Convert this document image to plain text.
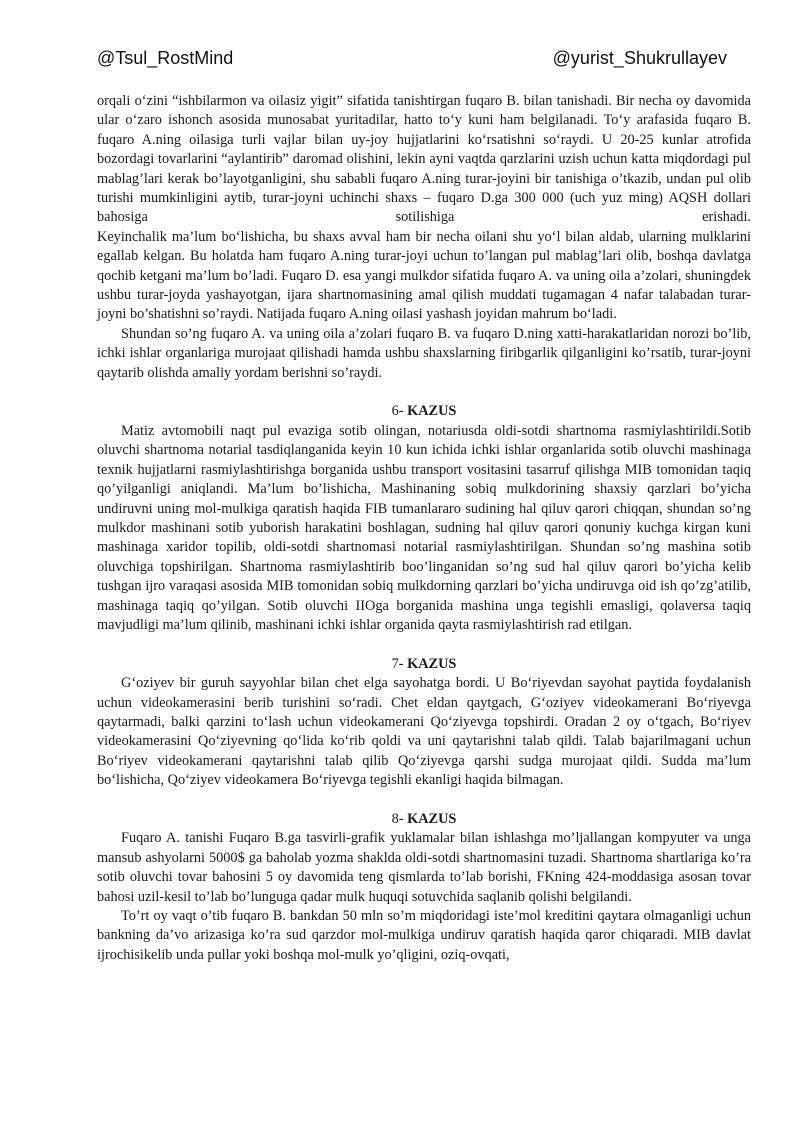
@Tsul_RostMind	@yurist_Shukrullayev

orqali o‘zini “ishbilarmon va oilasiz yigit” sifatida tanishtirgan fuqaro B. bilan tanishadi. Bir necha oy davomida ular o‘zaro ishonch asosida munosabat yuritadilar, hatto to‘y kuni ham belgilanadi. To‘y arafasida fuqaro B. fuqaro A.ning oilasiga turli vajlar bilan uy-joy hujjatlarini ko‘rsatishni so‘raydi. U 20-25 kunlar atrofida bozordagi tovarlarini “aylantirib” daromad olishini, lekin ayni vaqtda qarzlarini uzish uchun katta miqdordagi pul mablag’lari kerak bo’layotganligini, shu sababli fuqaro A.ning turar-joyini bir tanishiga o’tkazib, undan pul olib turishi mumkinligini aytib, turar-joyni uchinchi shaxs – fuqaro D.ga 300 000 (uch yuz ming) AQSH dollari bahosiga sotilishiga erishadi.

Keyinchalik ma’lum bo‘lishicha, bu shaxs avval ham bir necha oilani shu yo‘l bilan aldab, ularning mulklarini egallab kelgan. Bu holatda ham fuqaro A.ning turar-joyi uchun to’langan pul mablag’lari olib, boshqa davlatga qochib ketgani ma’lum bo’ladi. Fuqaro D. esa yangi mulkdor sifatida fuqaro A. va uning oila a’zolari, shuningdek ushbu turar-joyda yashayotgan, ijara shartnomasining amal qilish muddati tugamagan 4 nafar talabadan turar-joyni bo’shatishni so’raydi. Natijada fuqaro A.ning oilasi yashash joyidan mahrum bo‘ladi.

Shundan so’ng fuqaro A. va uning oila a’zolari fuqaro B. va fuqaro D.ning xatti-harakatlaridan norozi bo’lib, ichki ishlar organlariga murojaat qilishadi hamda ushbu shaxslarning firibgarlik qilganligini ko’rsatib, turar-joyni qaytarib olishda amaliy yordam berishni so’raydi.

6- KAZUS

Matiz avtomobili naqt pul evaziga sotib olingan, notariusda oldi-sotdi shartnoma rasmiylashtirildi.Sotib oluvchi shartnoma notarial tasdiqlanganida keyin 10 kun ichida ichki ishlar organlarida sotib oluvchi mashinaga texnik hujjatlarni rasmiylashtirishga borganida ushbu transport vositasini tasarruf qilishga MIB tomonidan taqiq qo’yilganligi aniqlandi. Ma’lum bo’lishicha, Mashinaning sobiq mulkdorining shaxsiy qarzlari bo’yicha undiruvni uning mol-mulkiga qaratish haqida FIB tumanlararo sudining hal qiluv qarori chiqqan, shundan so’ng mulkdor mashinani sotib yuborish harakatini boshlagan, sudning hal qiluv qarori qonuniy kuchga kirgan kuni mashinaga xaridor topilib, oldi-sotdi shartnomasi notarial rasmiylashtirilgan. Shundan so’ng mashina sotib oluvchiga topshirilgan. Shartnoma rasmiylashtirib boo’linganidan so’ng sud hal qiluv qarori bo’yicha kelib tushgan ijro varaqasi asosida MIB tomonidan sobiq mulkdorning qarzlari bo’yicha undiruvga oid ish qo’zg’atilib, mashinaga taqiq qo’yilgan. Sotib oluvchi IIOga borganida mashina unga tegishli emasligi, qolaversa taqiq mavjudligi ma’lum qilinib, mashinani ichki ishlar organida qayta rasmiylashtirish rad etilgan.

7- KAZUS

G‘oziyev bir guruh sayyohlar bilan chet elga sayohatga bordi. U Bo‘riyevdan sayohat paytida foydalanish uchun videokamerasini berib turishini so‘radi. Chet eldan qaytgach, G‘oziyev videokamerani Bo‘riyevga qaytarmadi, balki qarzini to‘lash uchun videokamerani Qo‘ziyevga topshirdi. Oradan 2 oy o‘tgach, Bo‘riyev videokamerasini Qo‘ziyevning qo‘lida ko‘rib qoldi va uni qaytarishni talab qildi. Talab bajarilmagani uchun Bo‘riyev videokamerani qaytarishni talab qilib Qo‘ziyevga qarshi sudga murojaat qildi. Sudda ma’lum bo‘lishicha, Qo‘ziyev videokamera Bo‘riyevga tegishli ekanligi haqida bilmagan.

8- KAZUS

Fuqaro A. tanishi Fuqaro B.ga tasvirli-grafik yuklamalar bilan ishlashga mo’ljallangan kompyuter va unga mansub ashyolarni 5000$ ga baholab yozma shaklda oldi-sotdi shartnomasini tuzadi. Shartnoma shartlariga ko’ra sotib oluvchi tovar bahosini 5 oy davomida teng qismlarda to’lab borishi, FKning 424-moddasiga asosan tovar bahosi uzil-kesil to’lab bo’lunguga qadar mulk huquqi sotuvchida saqlanib qolishi belgilandi.

To’rt oy vaqt o’tib fuqaro B. bankdan 50 mln so’m miqdoridagi iste’mol kreditini qaytara olmaganligi uchun bankning da’vo arizasiga ko’ra sud qarzdor mol-mulkiga undiruv qaratish haqida qaror chiqaradi. MIB davlat ijrochisikelib unda pullar yoki boshqa mol-mulk yo’qligini, oziq-ovqati,
